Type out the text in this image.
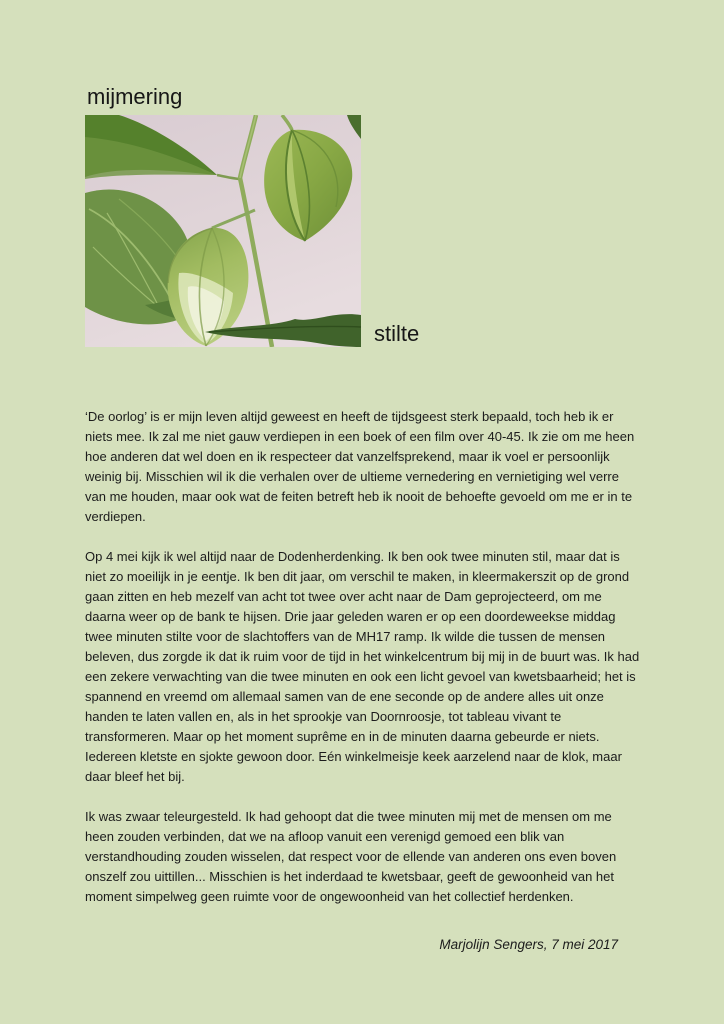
mijmering
stilte

‘De oorlog’ is er mijn leven altijd geweest en heeft de tijdsgeest sterk bepaald, toch heb ik er niets mee. Ik zal me niet gauw verdiepen in een boek of een film over 40-45. Ik zie om me heen hoe anderen dat wel doen en ik respecteer dat vanzelfsprekend, maar ik voel er persoonlijk weinig bij. Misschien wil ik die verhalen over de ultieme vernedering en vernietiging wel verre van me houden, maar ook wat de feiten betreft heb ik nooit de behoefte gevoeld om me er in te verdiepen.

Op 4 mei kijk ik wel altijd naar de Dodenherdenking. Ik ben ook twee minuten stil, maar dat is niet zo moeilijk in je eentje. Ik ben dit jaar, om verschil te maken, in kleermakerszit op de grond gaan zitten en heb mezelf van acht tot twee over acht naar de Dam geprojecteerd, om me daarna weer op de bank te hijsen. Drie jaar geleden waren er op een doordeweekse middag twee minuten stilte voor de slachtoffers van de MH17 ramp. Ik wilde die tussen de mensen beleven, dus zorgde ik dat ik ruim voor de tijd in het winkelcentrum bij mij in de buurt was. Ik had een zekere verwachting van die twee minuten en ook een licht gevoel van kwetsbaarheid; het is spannend en vreemd om allemaal samen van de ene seconde op de andere alles uit onze handen te laten vallen en, als in het sprookje van Doornroosje, tot tableau vivant te transformeren. Maar op het moment suprême en in de minuten daarna gebeurde er niets. Iedereen kletste en sjokte gewoon door. Eén winkelmeisje keek aarzelend naar de klok, maar daar bleef het bij.

Ik was zwaar teleurgesteld. Ik had gehoopt dat die twee minuten mij met de mensen om me heen zouden verbinden, dat we na afloop vanuit een verenigd gemoed een blik van verstandhouding zouden wisselen, dat respect voor de ellende van anderen ons even boven onszelf zou uittillen... Misschien is het inderdaad te kwetsbaar, geeft de gewoonheid van het moment simpelweg geen ruimte voor de ongewoonheid van het collectief herdenken.

Marjolijn Sengers, 7 mei 2017
